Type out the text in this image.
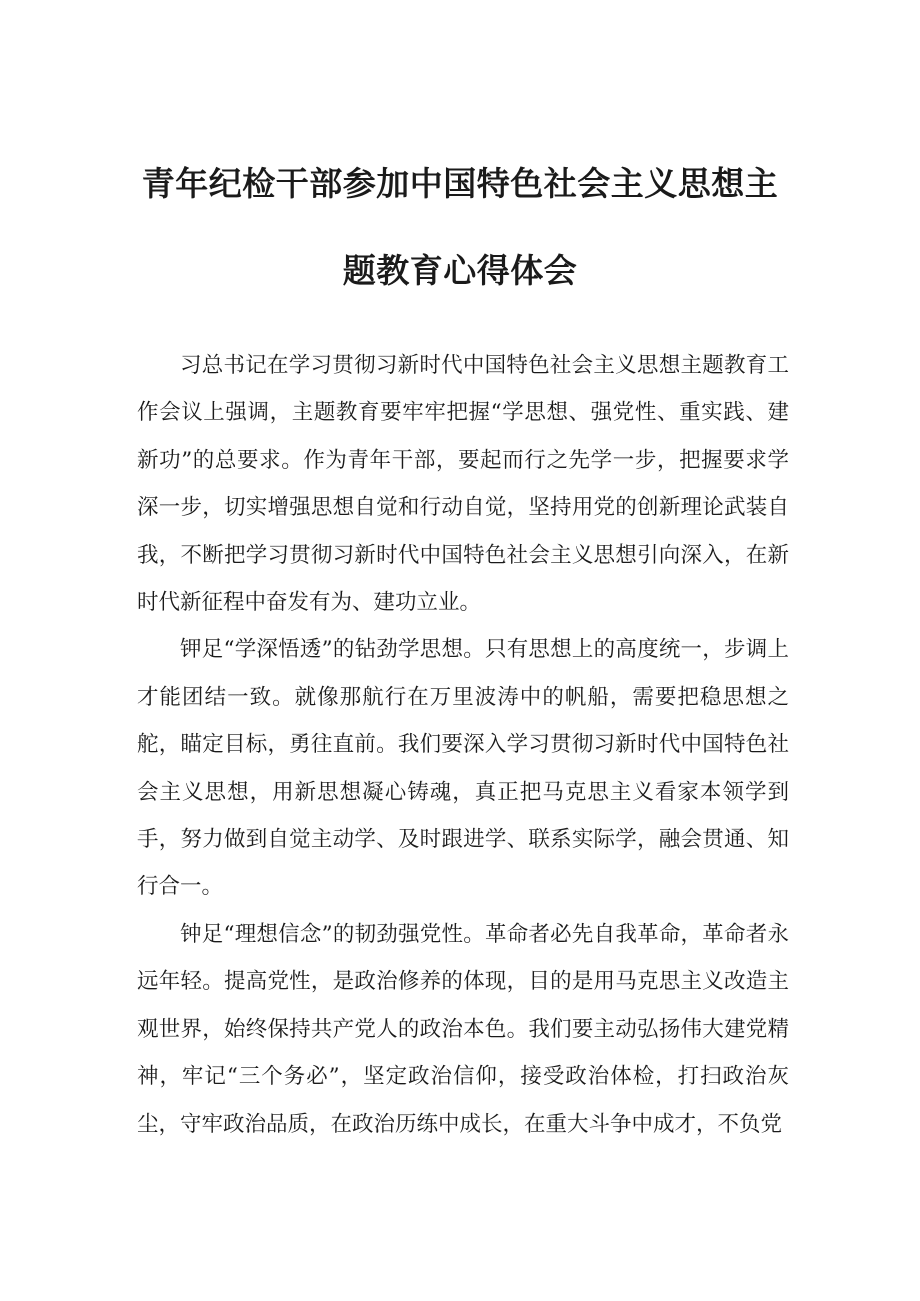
青年纪检干部参加中国特色社会主义思想主
题教育心得体会

习总书记在学习贯彻习新时代中国特色社会主义思想主题教育工作会议上强调，主题教育要牢牢把握“学思想、强党性、重实践、建新功”的总要求。作为青年干部，要起而行之先学一步，把握要求学深一步，切实增强思想自觉和行动自觉，坚持用党的创新理论武装自我，不断把学习贯彻习新时代中国特色社会主义思想引向深入，在新时代新征程中奋发有为、建功立业。

钾足“学深悟透”的钻劲学思想。只有思想上的高度统一，步调上才能团结一致。就像那航行在万里波涛中的帆船，需要把稳思想之舵，瞄定目标，勇往直前。我们要深入学习贯彻习新时代中国特色社会主义思想，用新思想凝心铸魂，真正把马克思主义看家本领学到手，努力做到自觉主动学、及时跟进学、联系实际学，融会贯通、知行合一。

钟足“理想信念”的韧劲强党性。革命者必先自我革命，革命者永远年轻。提高党性，是政治修养的体现，目的是用马克思主义改造主观世界，始终保持共产党人的政治本色。我们要主动弘扬伟大建党精神，牢记“三个务必”，坚定政治信仰，接受政治体检，打扫政治灰尘，守牢政治品质，在政治历练中成长，在重大斗争中成才，不负党
